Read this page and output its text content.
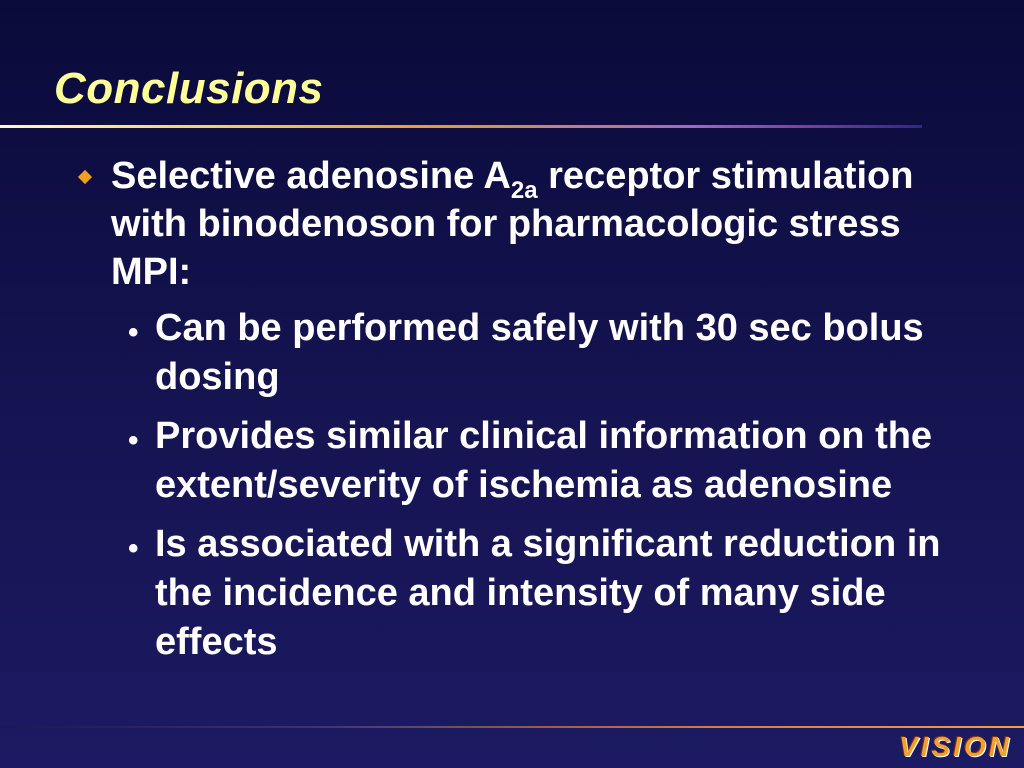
Conclusions
Selective adenosine $A_{2a}$ receptor stimulation with binodenoson for pharmacologic stress MPI:
• Can be performed safely with 30 sec bolus dosing
• Provides similar clinical information on the extent/severity of ischemia as adenosine
• Is associated with a significant reduction in the incidence and intensity of many side effects
VISION
